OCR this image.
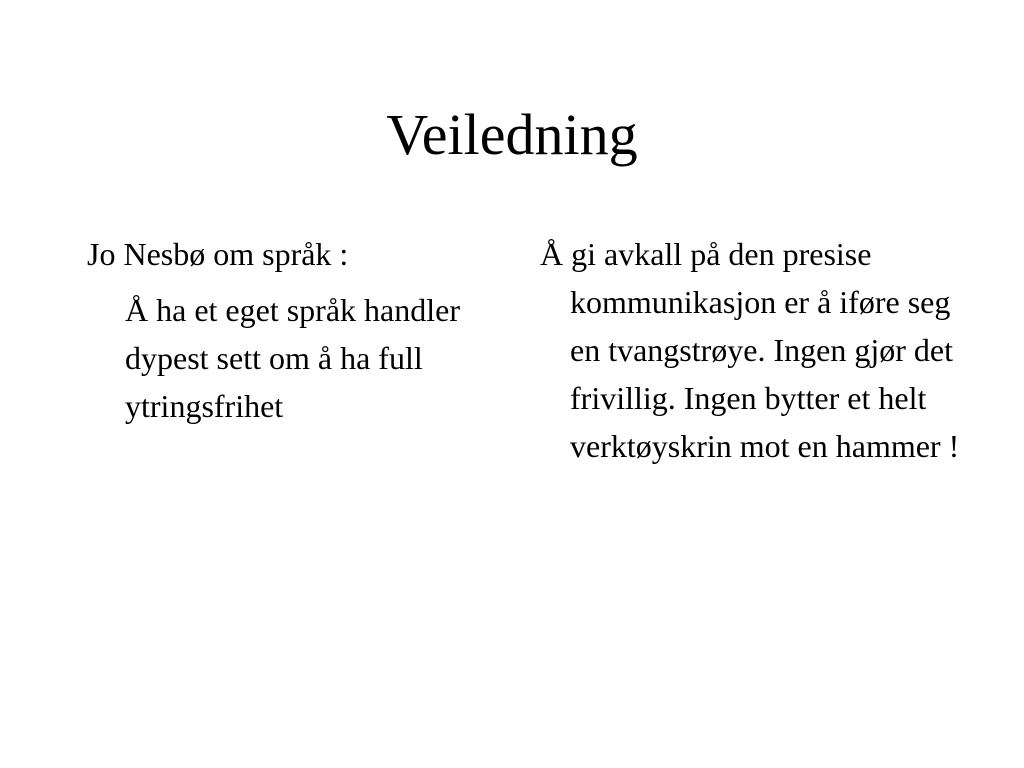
Veiledning

Jo Nesbø om språk :

Å ha et eget språk handler dypest sett om å ha full ytringsfrihet

Å gi avkall på den presise kommunikasjon er å iføre seg en tvangstrøye. Ingen gjør det frivillig. Ingen bytter et helt verktøyskrin mot en hammer !
